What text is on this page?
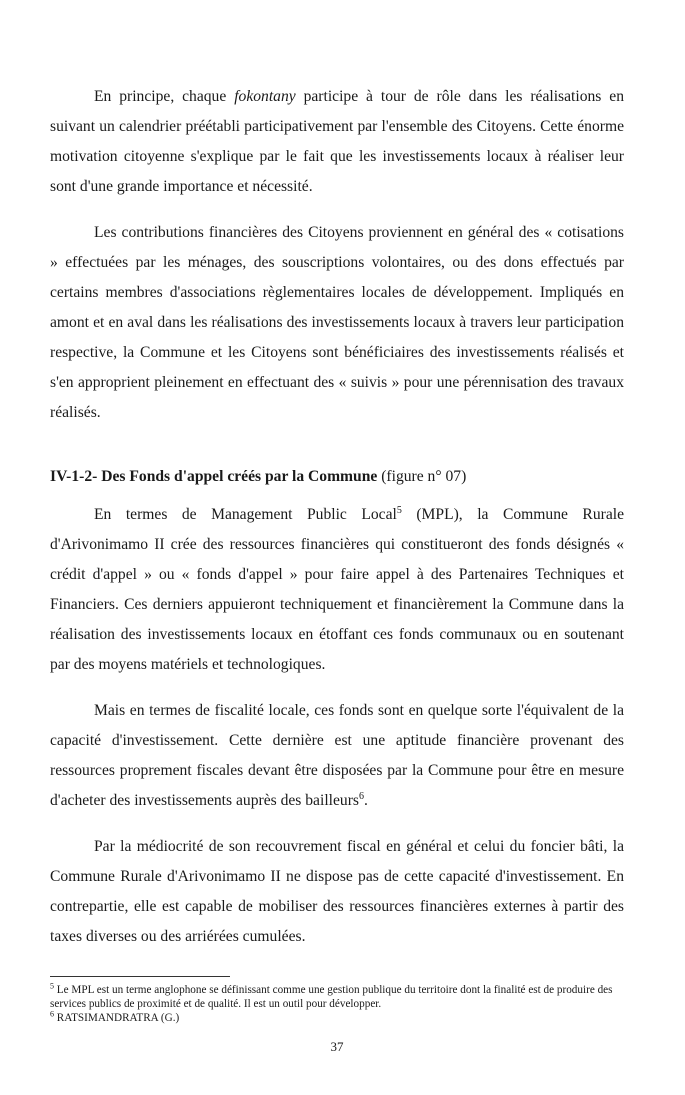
En principe, chaque fokontany participe à tour de rôle dans les réalisations en suivant un calendrier préétabli participativement par l'ensemble des Citoyens. Cette énorme motivation citoyenne s'explique par le fait que les investissements locaux à réaliser leur sont d'une grande importance et nécessité.

Les contributions financières des Citoyens proviennent en général des « cotisations » effectuées par les ménages, des souscriptions volontaires, ou des dons effectués par certains membres d'associations règlementaires locales de développement. Impliqués en amont et en aval dans les réalisations des investissements locaux à travers leur participation respective, la Commune et les Citoyens sont bénéficiaires des investissements réalisés et s'en approprient pleinement en effectuant des « suivis » pour une pérennisation des travaux réalisés.

IV-1-2- Des Fonds d'appel créés par la Commune (figure n° 07)

En termes de Management Public Local$^5$ (MPL), la Commune Rurale d'Arivonimamo II crée des ressources financières qui constitueront des fonds désignés « crédit d'appel » ou « fonds d'appel » pour faire appel à des Partenaires Techniques et Financiers. Ces derniers appuieront techniquement et financièrement la Commune dans la réalisation des investissements locaux en étoffant ces fonds communaux ou en soutenant par des moyens matériels et technologiques.

Mais en termes de fiscalité locale, ces fonds sont en quelque sorte l'équivalent de la capacité d'investissement. Cette dernière est une aptitude financière provenant des ressources proprement fiscales devant être disposées par la Commune pour être en mesure d'acheter des investissements auprès des bailleurs$^6$.

Par la médiocrité de son recouvrement fiscal en général et celui du foncier bâti, la Commune Rurale d'Arivonimamo II ne dispose pas de cette capacité d'investissement. En contrepartie, elle est capable de mobiliser des ressources financières externes à partir des taxes diverses ou des arriérées cumulées.

$^5$ Le MPL est un terme anglophone se définissant comme une gestion publique du territoire dont la finalité est de produire des services publics de proximité et de qualité. Il est un outil pour développer.
$^6$ RATSIMANDRATRA (G.)
37
